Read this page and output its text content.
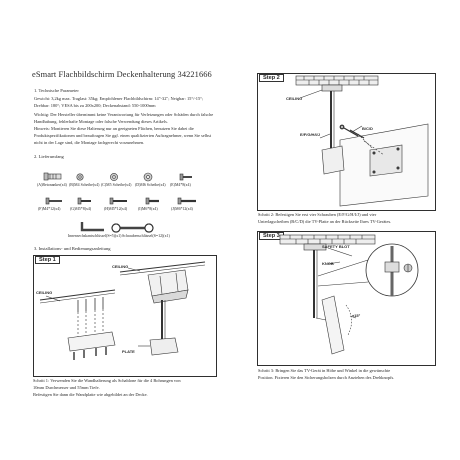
eSmart Flachbildschirm Deckenhalterung 34221666
1. Technische Parameter
Gewicht: 3,2kg max. Traglast: 35kg; Empfohlener Flachbildschirm: 14"-32"; Neigbar: 15°/-15°;
Drehbar: 180°; VESA bis zu 200x200; Deckenabstand: 550-1000mm
Wichtig: Der Hersteller übernimmt keine Verantwortung für Verletzungen oder Schäden durch falsche
Handhabung, fehlerhafte Montage oder falsche Verwendung dieses Artikels.
Hinweis: Montieren Sie diese Halterung nur an geeigneten Flächen, benutzen Sie dabei die
Produktspezifikationen und beauftragen Sie ggf. einen qualifizierten Auftragnehmer, wenn Sie selbst
nicht in der Lage sind, die Montage fachgerecht vorzunehmen.
2. Lieferumfang
(A)Betonanker(x4) (B)M4 Scheibe(x4) (C)M5 Scheibe(x4) (D)M6 Scheibe(x4) (E)M4*8(x4)
(F)M4*12(x4) (G)M5*8(x4)	(H)M5*12(x4)	(I)M6*8(x4)	(J)M6*12(x4)
Innensechskantschlüssel(S=5)(x1) Schraubenschlüssel(S=12)(x1)
3. Installations- und Bedienungsanleitung
Step 1
CEILING
CEILING
PLATE
Schritt 1: Verwenden Sie die Wandhalterung als Schablone für die 4 Bohrungen von
10mm Durchmesser und 55mm Tiefe.
Befestigen Sie dann die Wandplatte wie abgebildet an der Decke.
Step 2
CEILING
B/C/D
E/F/G/H/I/J
Schritt 2: Befestigen Sie erst vier Schrauben (E/F/G/H/I/J) und vier
Unterlagscheiben (B/C/D) die TV-Platte an der Rückseite Ihres TV-Gerätes.
Step 3
SAFETY BLOT
KNOB
±15°
Schritt 3: Bringen Sie das TV-Gerät in Höhe und Winkel in die gewünschte
Position. Fixieren Sie den Sicherungsbolzen durch Anziehen des Drehknopfs.
